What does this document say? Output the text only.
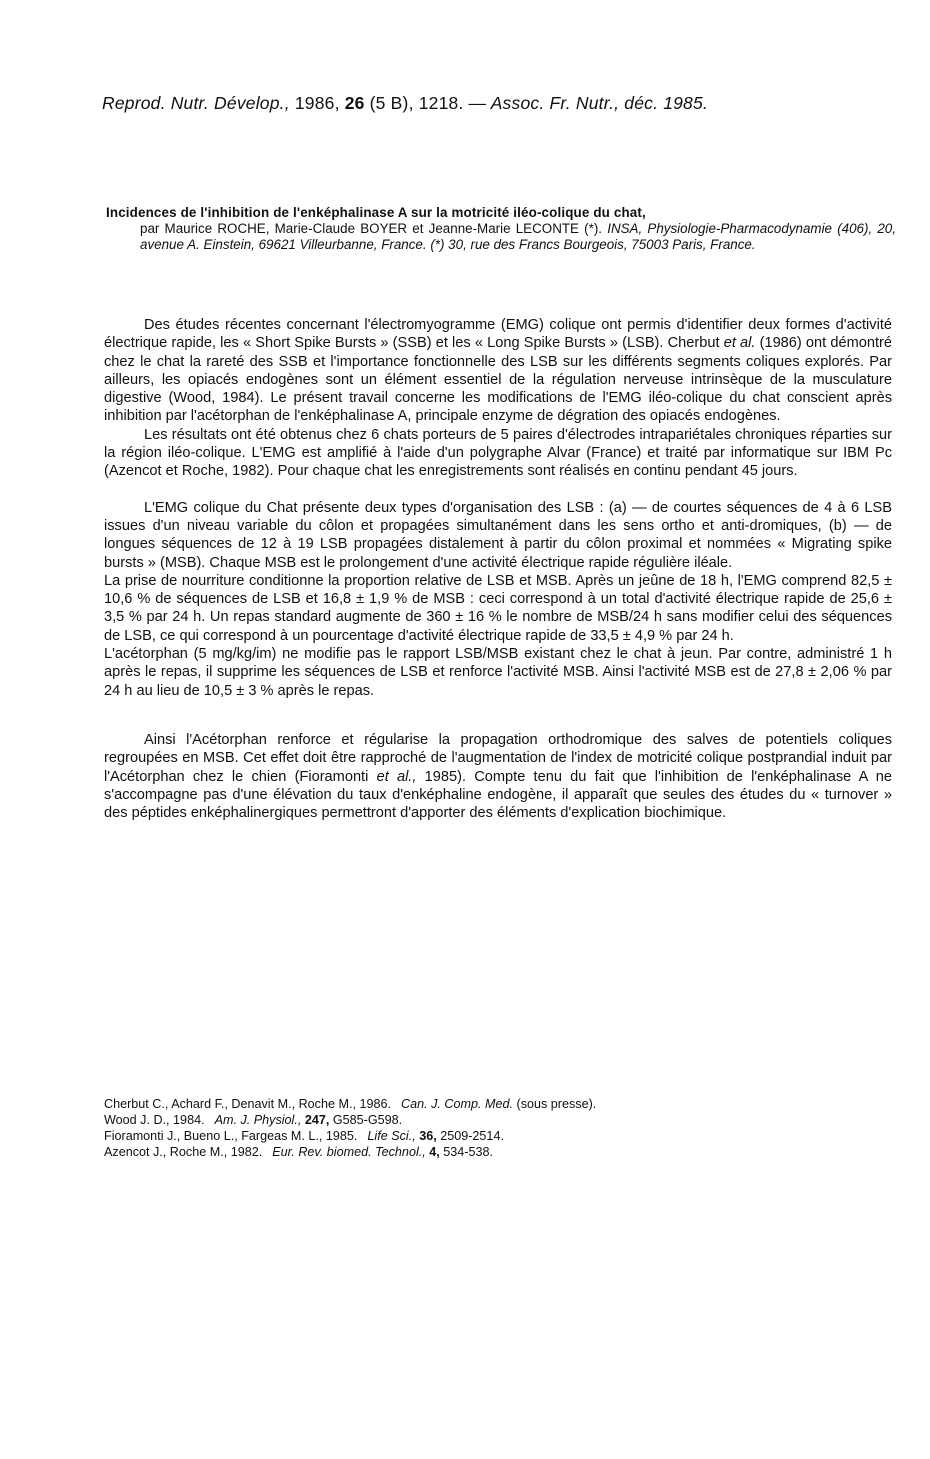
Reprod. Nutr. Dévelop., 1986, 26 (5 B), 1218. — Assoc. Fr. Nutr., déc. 1985.
Incidences de l'inhibition de l'enképhalinase A sur la motricité iléo-colique du chat,
par Maurice ROCHE, Marie-Claude BOYER et Jeanne-Marie LECONTE (*). INSA, Physiologie-Pharmacodynamie (406), 20, avenue A. Einstein, 69621 Villeurbanne, France. (*) 30, rue des Francs Bourgeois, 75003 Paris, France.

Des études récentes concernant l'électromyogramme (EMG) colique ont permis d'identifier deux formes d'activité électrique rapide, les « Short Spike Bursts » (SSB) et les « Long Spike Bursts » (LSB). Cherbut et al. (1986) ont démontré chez le chat la rareté des SSB et l'importance fonctionnelle des LSB sur les différents segments coliques explorés. Par ailleurs, les opiacés endogènes sont un élément essentiel de la régulation nerveuse intrinsèque de la musculature digestive (Wood, 1984). Le présent travail concerne les modifications de l'EMG iléo-colique du chat conscient après inhibition par l'acétorphan de l'enképhalinase A, principale enzyme de dégration des opiacés endogènes.

Les résultats ont été obtenus chez 6 chats porteurs de 5 paires d'électrodes intrapariétales chroniques réparties sur la région iléo-colique. L'EMG est amplifié à l'aide d'un polygraphe Alvar (France) et traité par informatique sur IBM Pc (Azencot et Roche, 1982). Pour chaque chat les enregistrements sont réalisés en continu pendant 45 jours.

L'EMG colique du Chat présente deux types d'organisation des LSB : (a) — de courtes séquences de 4 à 6 LSB issues d'un niveau variable du côlon et propagées simultanément dans les sens ortho et anti-dromiques, (b) — de longues séquences de 12 à 19 LSB propagées distalement à partir du côlon proximal et nommées « Migrating spike bursts » (MSB). Chaque MSB est le prolongement d'une activité électrique rapide régulière iléale.

La prise de nourriture conditionne la proportion relative de LSB et MSB. Après un jeûne de 18 h, l'EMG comprend 82,5 ± 10,6 % de séquences de LSB et 16,8 ± 1,9 % de MSB : ceci correspond à un total d'activité électrique rapide de 25,6 ± 3,5 % par 24 h. Un repas standard augmente de 360 ± 16 % le nombre de MSB/24 h sans modifier celui des séquences de LSB, ce qui correspond à un pourcentage d'activité électrique rapide de 33,5 ± 4,9 % par 24 h.

L'acétorphan (5 mg/kg/im) ne modifie pas le rapport LSB/MSB existant chez le chat à jeun. Par contre, administré 1 h après le repas, il supprime les séquences de LSB et renforce l'activité MSB. Ainsi l'activité MSB est de 27,8 ± 2,06 % par 24 h au lieu de 10,5 ± 3 % après le repas.

Ainsi l'Acétorphan renforce et régularise la propagation orthodromique des salves de potentiels coliques regroupées en MSB. Cet effet doit être rapproché de l'augmentation de l'index de motricité colique postprandial induit par l'Acétorphan chez le chien (Fioramonti et al., 1985). Compte tenu du fait que l'inhibition de l'enképhalinase A ne s'accompagne pas d'une élévation du taux d'enképhaline endogène, il apparaît que seules des études du « turnover » des péptides enképhalinergiques permettront d'apporter des éléments d'explication biochimique.

Cherbut C., Achard F., Denavit M., Roche M., 1986. Can. J. Comp. Med. (sous presse).
Wood J. D., 1984. Am. J. Physiol., 247, G585-G598.
Fioramonti J., Bueno L., Fargeas M. L., 1985. Life Sci., 36, 2509-2514.
Azencot J., Roche M., 1982. Eur. Rev. biomed. Technol., 4, 534-538.
